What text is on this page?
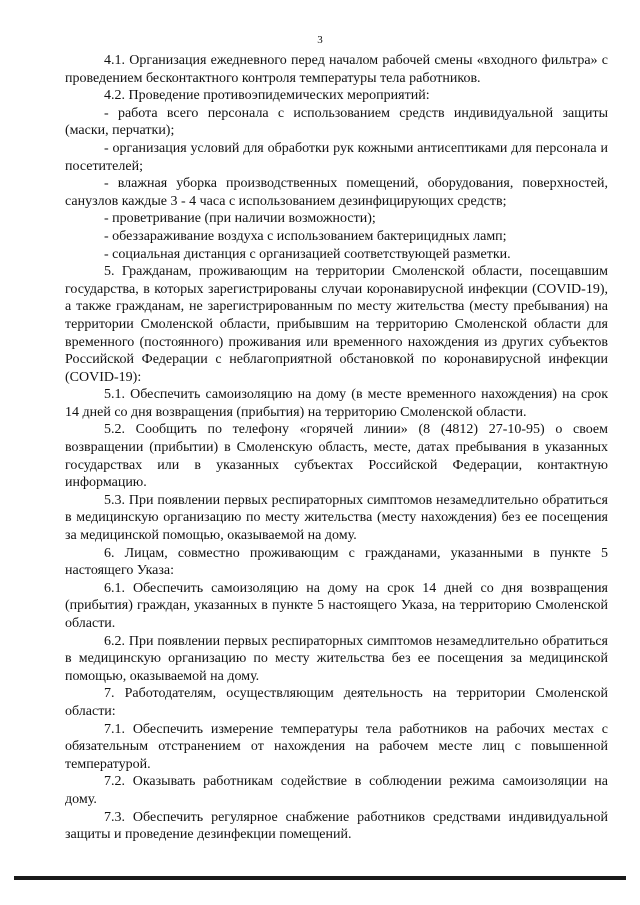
3

4.1. Организация ежедневного перед началом рабочей смены «входного фильтра» с проведением бесконтактного контроля температуры тела работников.

4.2. Проведение противоэпидемических мероприятий:

- работа всего персонала с использованием средств индивидуальной защиты (маски, перчатки);

- организация условий для обработки рук кожными антисептиками для персонала и посетителей;

- влажная уборка производственных помещений, оборудования, поверхностей, санузлов каждые 3 - 4 часа с использованием дезинфицирующих средств;

- проветривание (при наличии возможности);

- обеззараживание воздуха с использованием бактерицидных ламп;

- социальная дистанция с организацией соответствующей разметки.

5. Гражданам, проживающим на территории Смоленской области, посещавшим государства, в которых зарегистрированы случаи коронавирусной инфекции (COVID-19), а также гражданам, не зарегистрированным по месту жительства (месту пребывания) на территории Смоленской области, прибывшим на территорию Смоленской области для временного (постоянного) проживания или временного нахождения из других субъектов Российской Федерации с неблагоприятной обстановкой по коронавирусной инфекции (COVID-19):

5.1. Обеспечить самоизоляцию на дому (в месте временного нахождения) на срок 14 дней со дня возвращения (прибытия) на территорию Смоленской области.

5.2. Сообщить по телефону «горячей линии» (8 (4812) 27-10-95) о своем возвращении (прибытии) в Смоленскую область, месте, датах пребывания в указанных государствах или в указанных субъектах Российской Федерации, контактную информацию.

5.3. При появлении первых респираторных симптомов незамедлительно обратиться в медицинскую организацию по месту жительства (месту нахождения) без ее посещения за медицинской помощью, оказываемой на дому.

6. Лицам, совместно проживающим с гражданами, указанными в пункте 5 настоящего Указа:

6.1. Обеспечить самоизоляцию на дому на срок 14 дней со дня возвращения (прибытия) граждан, указанных в пункте 5 настоящего Указа, на территорию Смоленской области.

6.2. При появлении первых респираторных симптомов незамедлительно обратиться в медицинскую организацию по месту жительства без ее посещения за медицинской помощью, оказываемой на дому.

7. Работодателям, осуществляющим деятельность на территории Смоленской области:

7.1. Обеспечить измерение температуры тела работников на рабочих местах с обязательным отстранением от нахождения на рабочем месте лиц с повышенной температурой.

7.2. Оказывать работникам содействие в соблюдении режима самоизоляции на дому.

7.3. Обеспечить регулярное снабжение работников средствами индивидуальной защиты и проведение дезинфекции помещений.
